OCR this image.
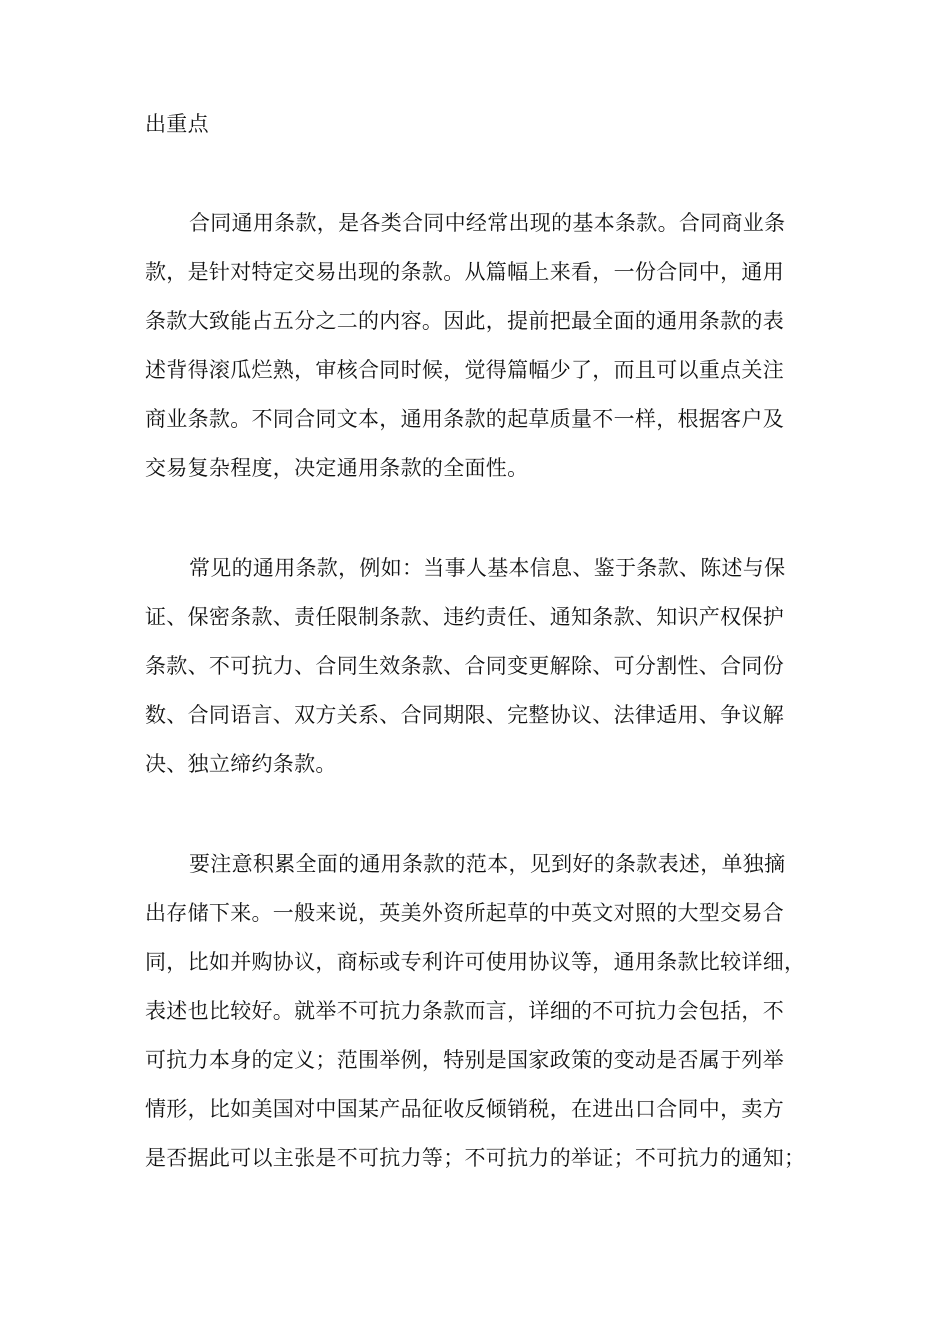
出重点
合同通用条款，是各类合同中经常出现的基本条款。合同商业条
款，是针对特定交易出现的条款。从篇幅上来看，一份合同中，通用
条款大致能占五分之二的内容。因此，提前把最全面的通用条款的表
述背得滚瓜烂熟，审核合同时候，觉得篇幅少了，而且可以重点关注
商业条款。不同合同文本，通用条款的起草质量不一样，根据客户及
交易复杂程度，决定通用条款的全面性。
常见的通用条款，例如：当事人基本信息、鉴于条款、陈述与保
证、保密条款、责任限制条款、违约责任、通知条款、知识产权保护
条款、不可抗力、合同生效条款、合同变更解除、可分割性、合同份
数、合同语言、双方关系、合同期限、完整协议、法律适用、争议解
决、独立缔约条款。
要注意积累全面的通用条款的范本，见到好的条款表述，单独摘
出存储下来。一般来说，英美外资所起草的中英文对照的大型交易合
同，比如并购协议，商标或专利许可使用协议等，通用条款比较详细，
表述也比较好。就举不可抗力条款而言，详细的不可抗力会包括，不
可抗力本身的定义；范围举例，特别是国家政策的变动是否属于列举
情形，比如美国对中国某产品征收反倾销税，在进出口合同中，卖方
是否据此可以主张是不可抗力等；不可抗力的举证；不可抗力的通知；
